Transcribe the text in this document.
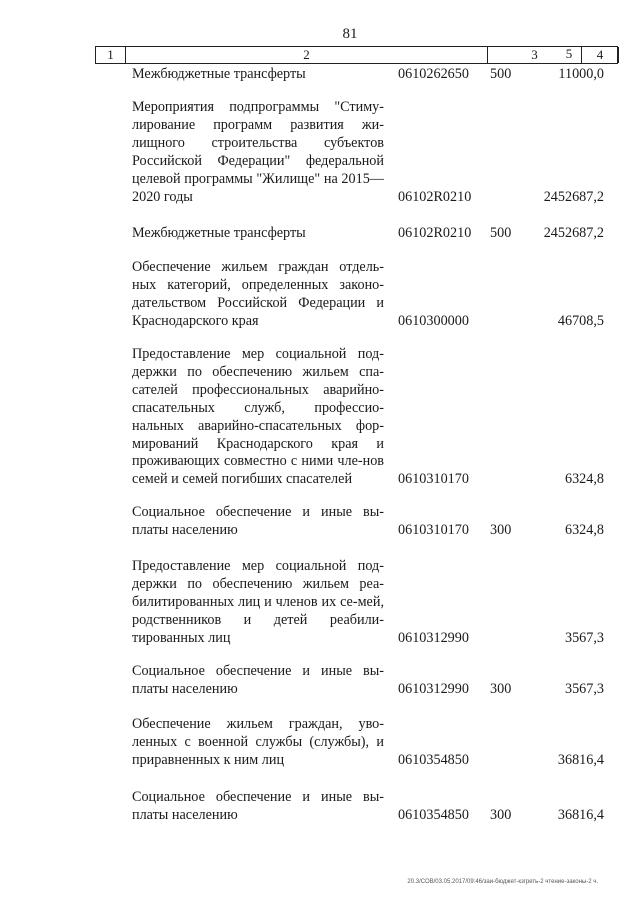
81
1	2	3	4
5
Межбюджетные трансферты	0610262650 500	11000,0
Мероприятия подпрограммы "Стиму-лирование программ развития жи-лищного строительства субъектов Российской Федерации" федеральной целевой программы "Жилище" на 2015—2020 годы	06102R0210	2452687,2
Межбюджетные трансферты	06102R0210 500 2452687,2
Обеспечение жильем граждан отдель-ных категорий, определенных законо-дательством Российской Федерации и Краснодарского края	0610300000	46708,5
Предоставление мер социальной под-держки по обеспечению жильем спа-сателей профессиональных аварийно-спасательных служб, профессио-нальных аварийно-спасательных фор-мирований Краснодарского края и проживающих совместно с ними чле-нов семей и семей погибших спасателей	0610310170	6324,8
Социальное обеспечение и иные вы-платы населению	0610310170 300	6324,8
Предоставление мер социальной под-держки по обеспечению жильем реа-билитированных лиц и членов их се-мей, родственников и детей реабили-тированных лиц	0610312990	3567,3
Социальное обеспечение и иные вы-платы населению	0610312990 300	3567,3
Обеспечение жильем граждан, уво-ленных с военной службы (службы), и приравненных к ним лиц	0610354850	36816,4
Социальное обеспечение и иные вы-платы населению	0610354850 300	36816,4
20.3/СОВ/03.05.2017/09:46/заи-бюджет-кзгреть-2 чтение-законы-2 ч.
